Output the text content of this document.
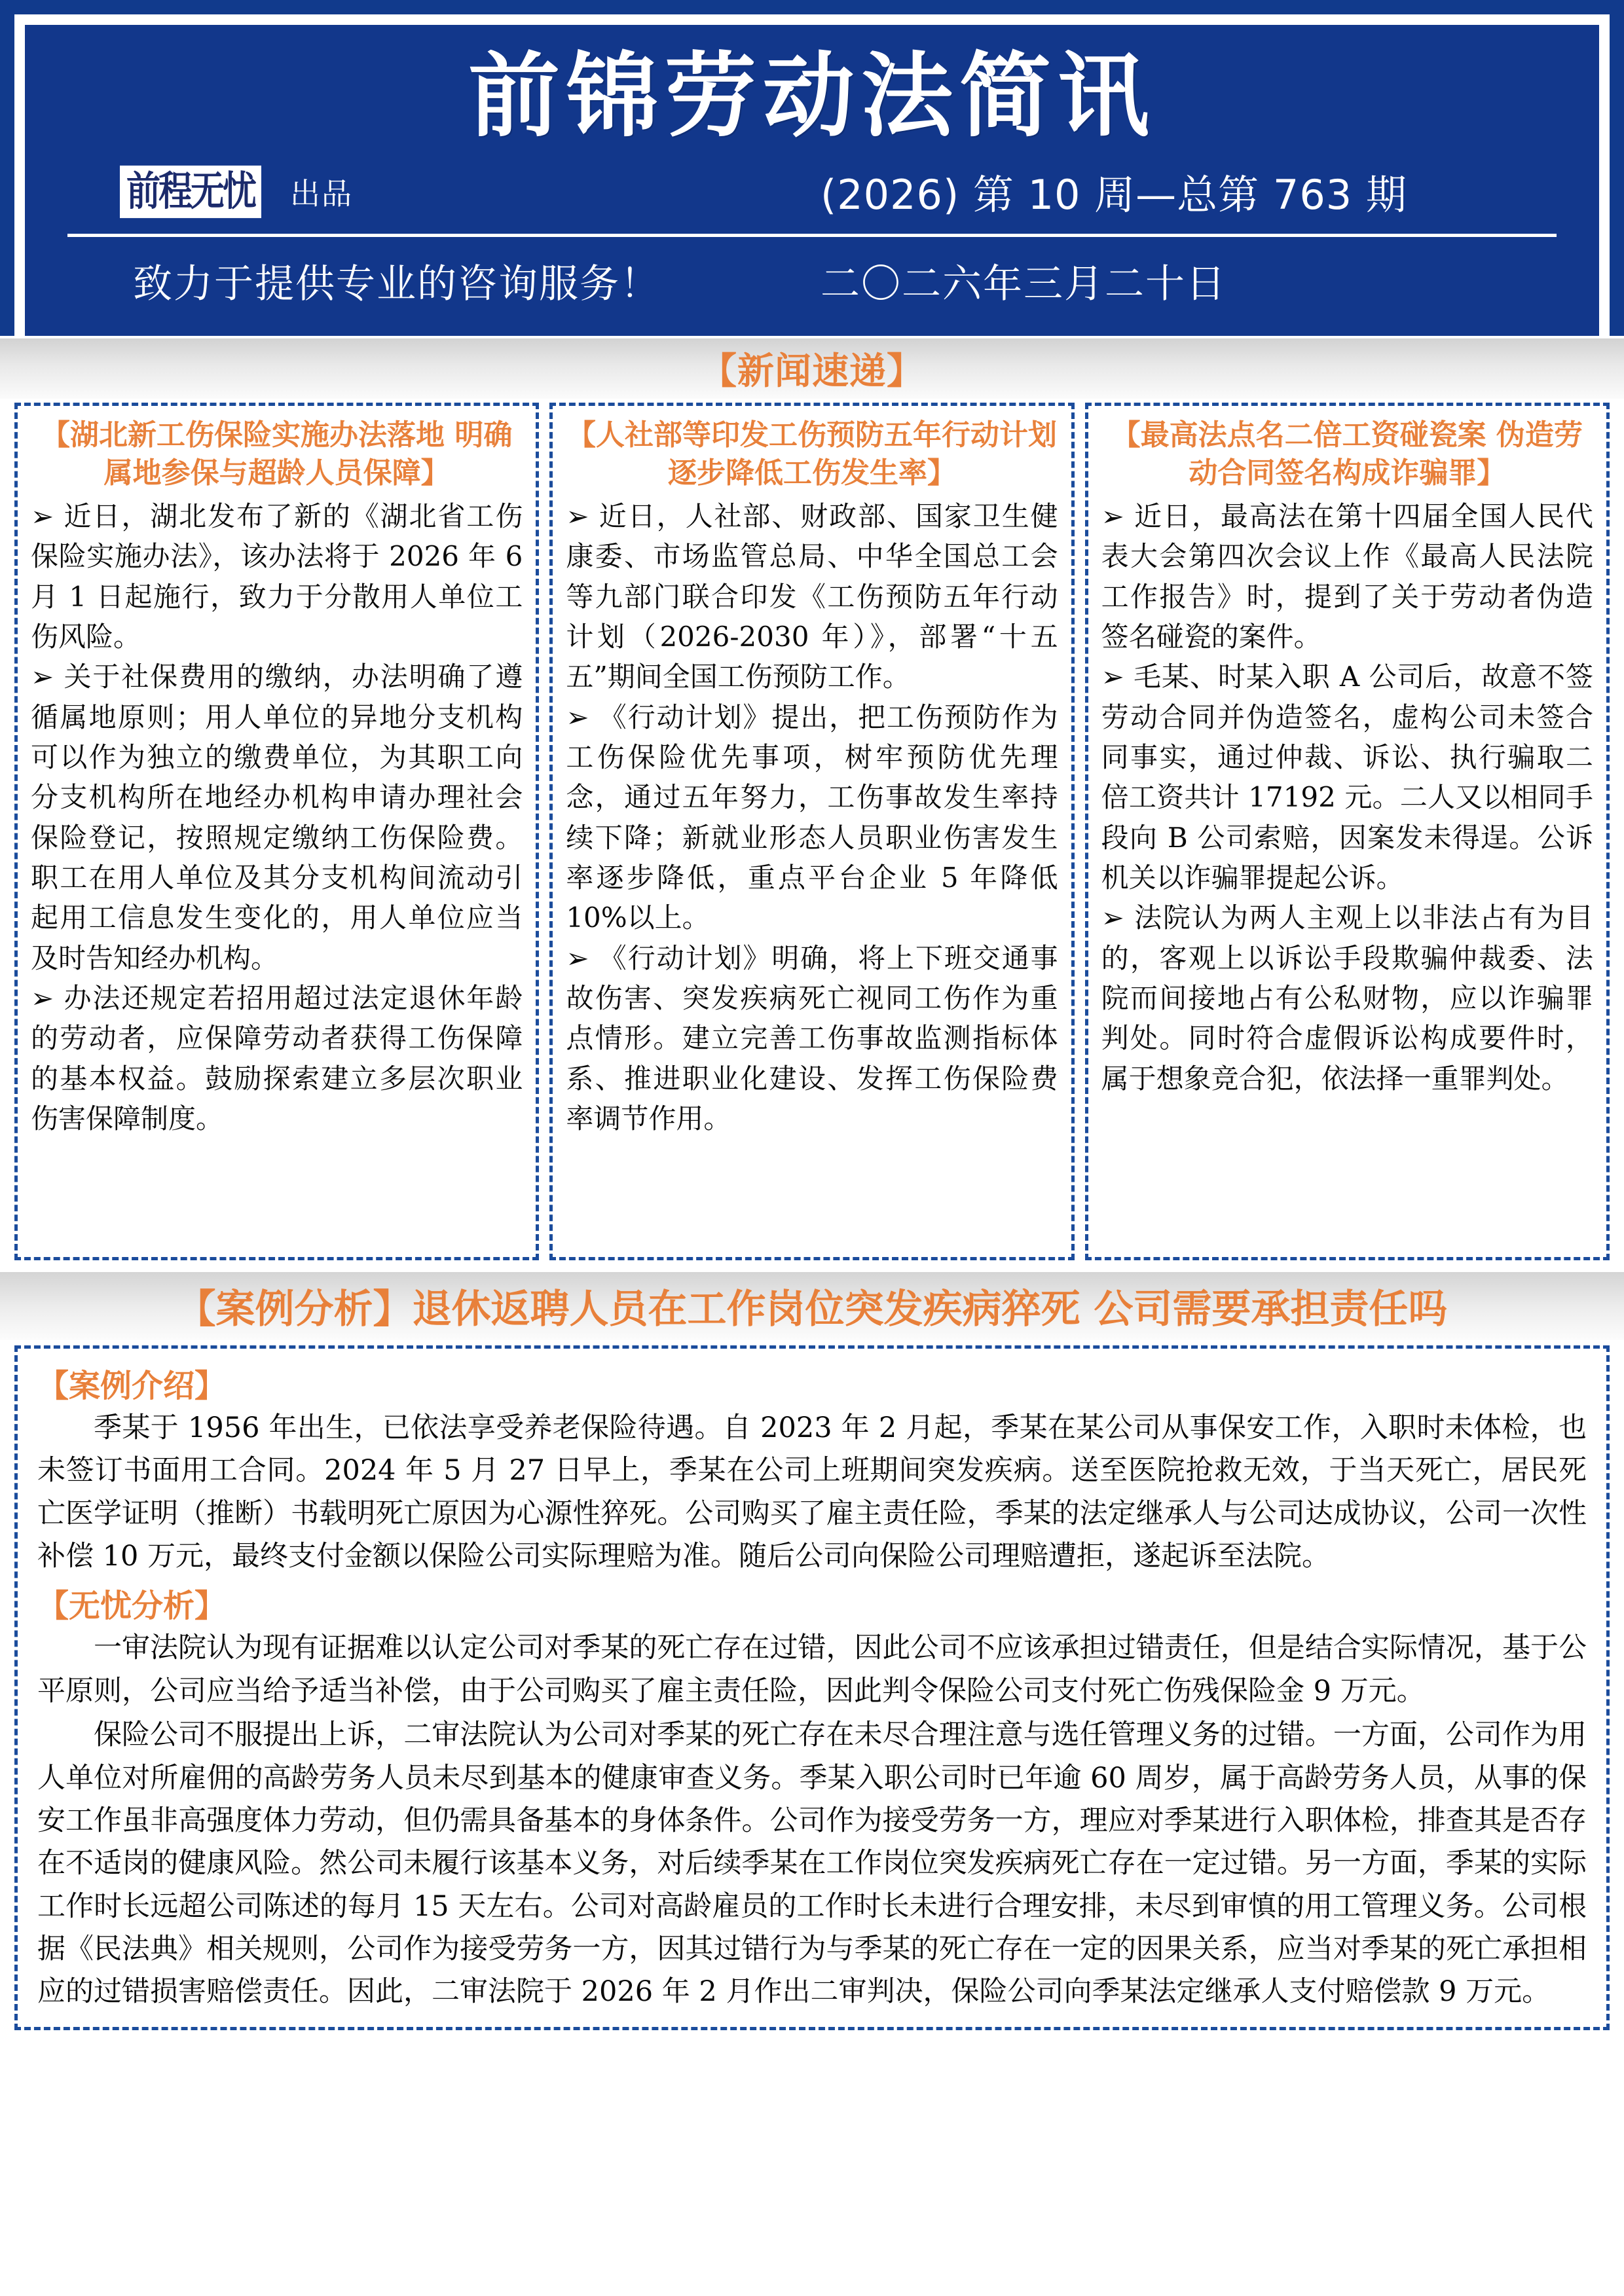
前锦劳动法简讯
前程无忧 出品	(2026) 第 10 周—总第 763 期
致力于提供专业的咨询服务！	二〇二六年三月二十日
【新闻速递】
【湖北新工伤保险实施办法落地 明确属地参保与超龄人员保障】
➢ 近日，湖北发布了新的《湖北省工伤保险实施办法》，该办法将于 2026 年 6 月 1 日起施行，致力于分散用人单位工伤风险。
➢ 关于社保费用的缴纳，办法明确了遵循属地原则；用人单位的异地分支机构可以作为独立的缴费单位，为其职工向分支机构所在地经办机构申请办理社会保险登记，按照规定缴纳工伤保险费。职工在用人单位及其分支机构间流动引起用工信息发生变化的，用人单位应当及时告知经办机构。
➢ 办法还规定若招用超过法定退休年龄的劳动者，应保障劳动者获得工伤保障的基本权益。鼓励探索建立多层次职业伤害保障制度。
【人社部等印发工伤预防五年行动计划 逐步降低工伤发生率】
➢ 近日，人社部、财政部、国家卫生健康委、市场监管总局、中华全国总工会等九部门联合印发《工伤预防五年行动计划（2026-2030 年）》，部署“十五五”期间全国工伤预防工作。
➢ 《行动计划》提出，把工伤预防作为工伤保险优先事项，树牢预防优先理念，通过五年努力，工伤事故发生率持续下降；新就业形态人员职业伤害发生率逐步降低，重点平台企业 5 年降低 10%以上。
➢ 《行动计划》明确，将上下班交通事故伤害、突发疾病死亡视同工伤作为重点情形。建立完善工伤事故监测指标体系、推进职业化建设、发挥工伤保险费率调节作用。
【最高法点名二倍工资碰瓷案 伪造劳动合同签名构成诈骗罪】
➢ 近日，最高法在第十四届全国人民代表大会第四次会议上作《最高人民法院工作报告》时，提到了关于劳动者伪造签名碰瓷的案件。
➢ 毛某、时某入职 A 公司后，故意不签劳动合同并伪造签名，虚构公司未签合同事实，通过仲裁、诉讼、执行骗取二倍工资共计 17192 元。二人又以相同手段向 B 公司索赔，因案发未得逞。公诉机关以诈骗罪提起公诉。
➢ 法院认为两人主观上以非法占有为目的，客观上以诉讼手段欺骗仲裁委、法院而间接地占有公私财物，应以诈骗罪判处。同时符合虚假诉讼构成要件时，属于想象竞合犯，依法择一重罪判处。
【案例分析】退休返聘人员在工作岗位突发疾病猝死 公司需要承担责任吗
【案例介绍】
季某于 1956 年出生，已依法享受养老保险待遇。自 2023 年 2 月起，季某在某公司从事保安工作，入职时未体检，也未签订书面用工合同。2024 年 5 月 27 日早上，季某在公司上班期间突发疾病。送至医院抢救无效，于当天死亡，居民死亡医学证明（推断）书载明死亡原因为心源性猝死。公司购买了雇主责任险，季某的法定继承人与公司达成协议，公司一次性补偿 10 万元，最终支付金额以保险公司实际理赔为准。随后公司向保险公司理赔遭拒，遂起诉至法院。
【无忧分析】
一审法院认为现有证据难以认定公司对季某的死亡存在过错，因此公司不应该承担过错责任，但是结合实际情况，基于公平原则，公司应当给予适当补偿，由于公司购买了雇主责任险，因此判令保险公司支付死亡伤残保险金 9 万元。
保险公司不服提出上诉，二审法院认为公司对季某的死亡存在未尽合理注意与选任管理义务的过错。一方面，公司作为用人单位对所雇佣的高龄劳务人员未尽到基本的健康审查义务。季某入职公司时已年逾 60 周岁，属于高龄劳务人员，从事的保安工作虽非高强度体力劳动，但仍需具备基本的身体条件。公司作为接受劳务一方，理应对季某进行入职体检，排查其是否存在不适岗的健康风险。然公司未履行该基本义务，对后续季某在工作岗位突发疾病死亡存在一定过错。另一方面，季某的实际工作时长远超公司陈述的每月 15 天左右。公司对高龄雇员的工作时长未进行合理安排，未尽到审慎的用工管理义务。公司根据《民法典》相关规则，公司作为接受劳务一方，因其过错行为与季某的死亡存在一定的因果关系，应当对季某的死亡承担相应的过错损害赔偿责任。因此，二审法院于 2026 年 2 月作出二审判决，保险公司向季某法定继承人支付赔偿款 9 万元。
